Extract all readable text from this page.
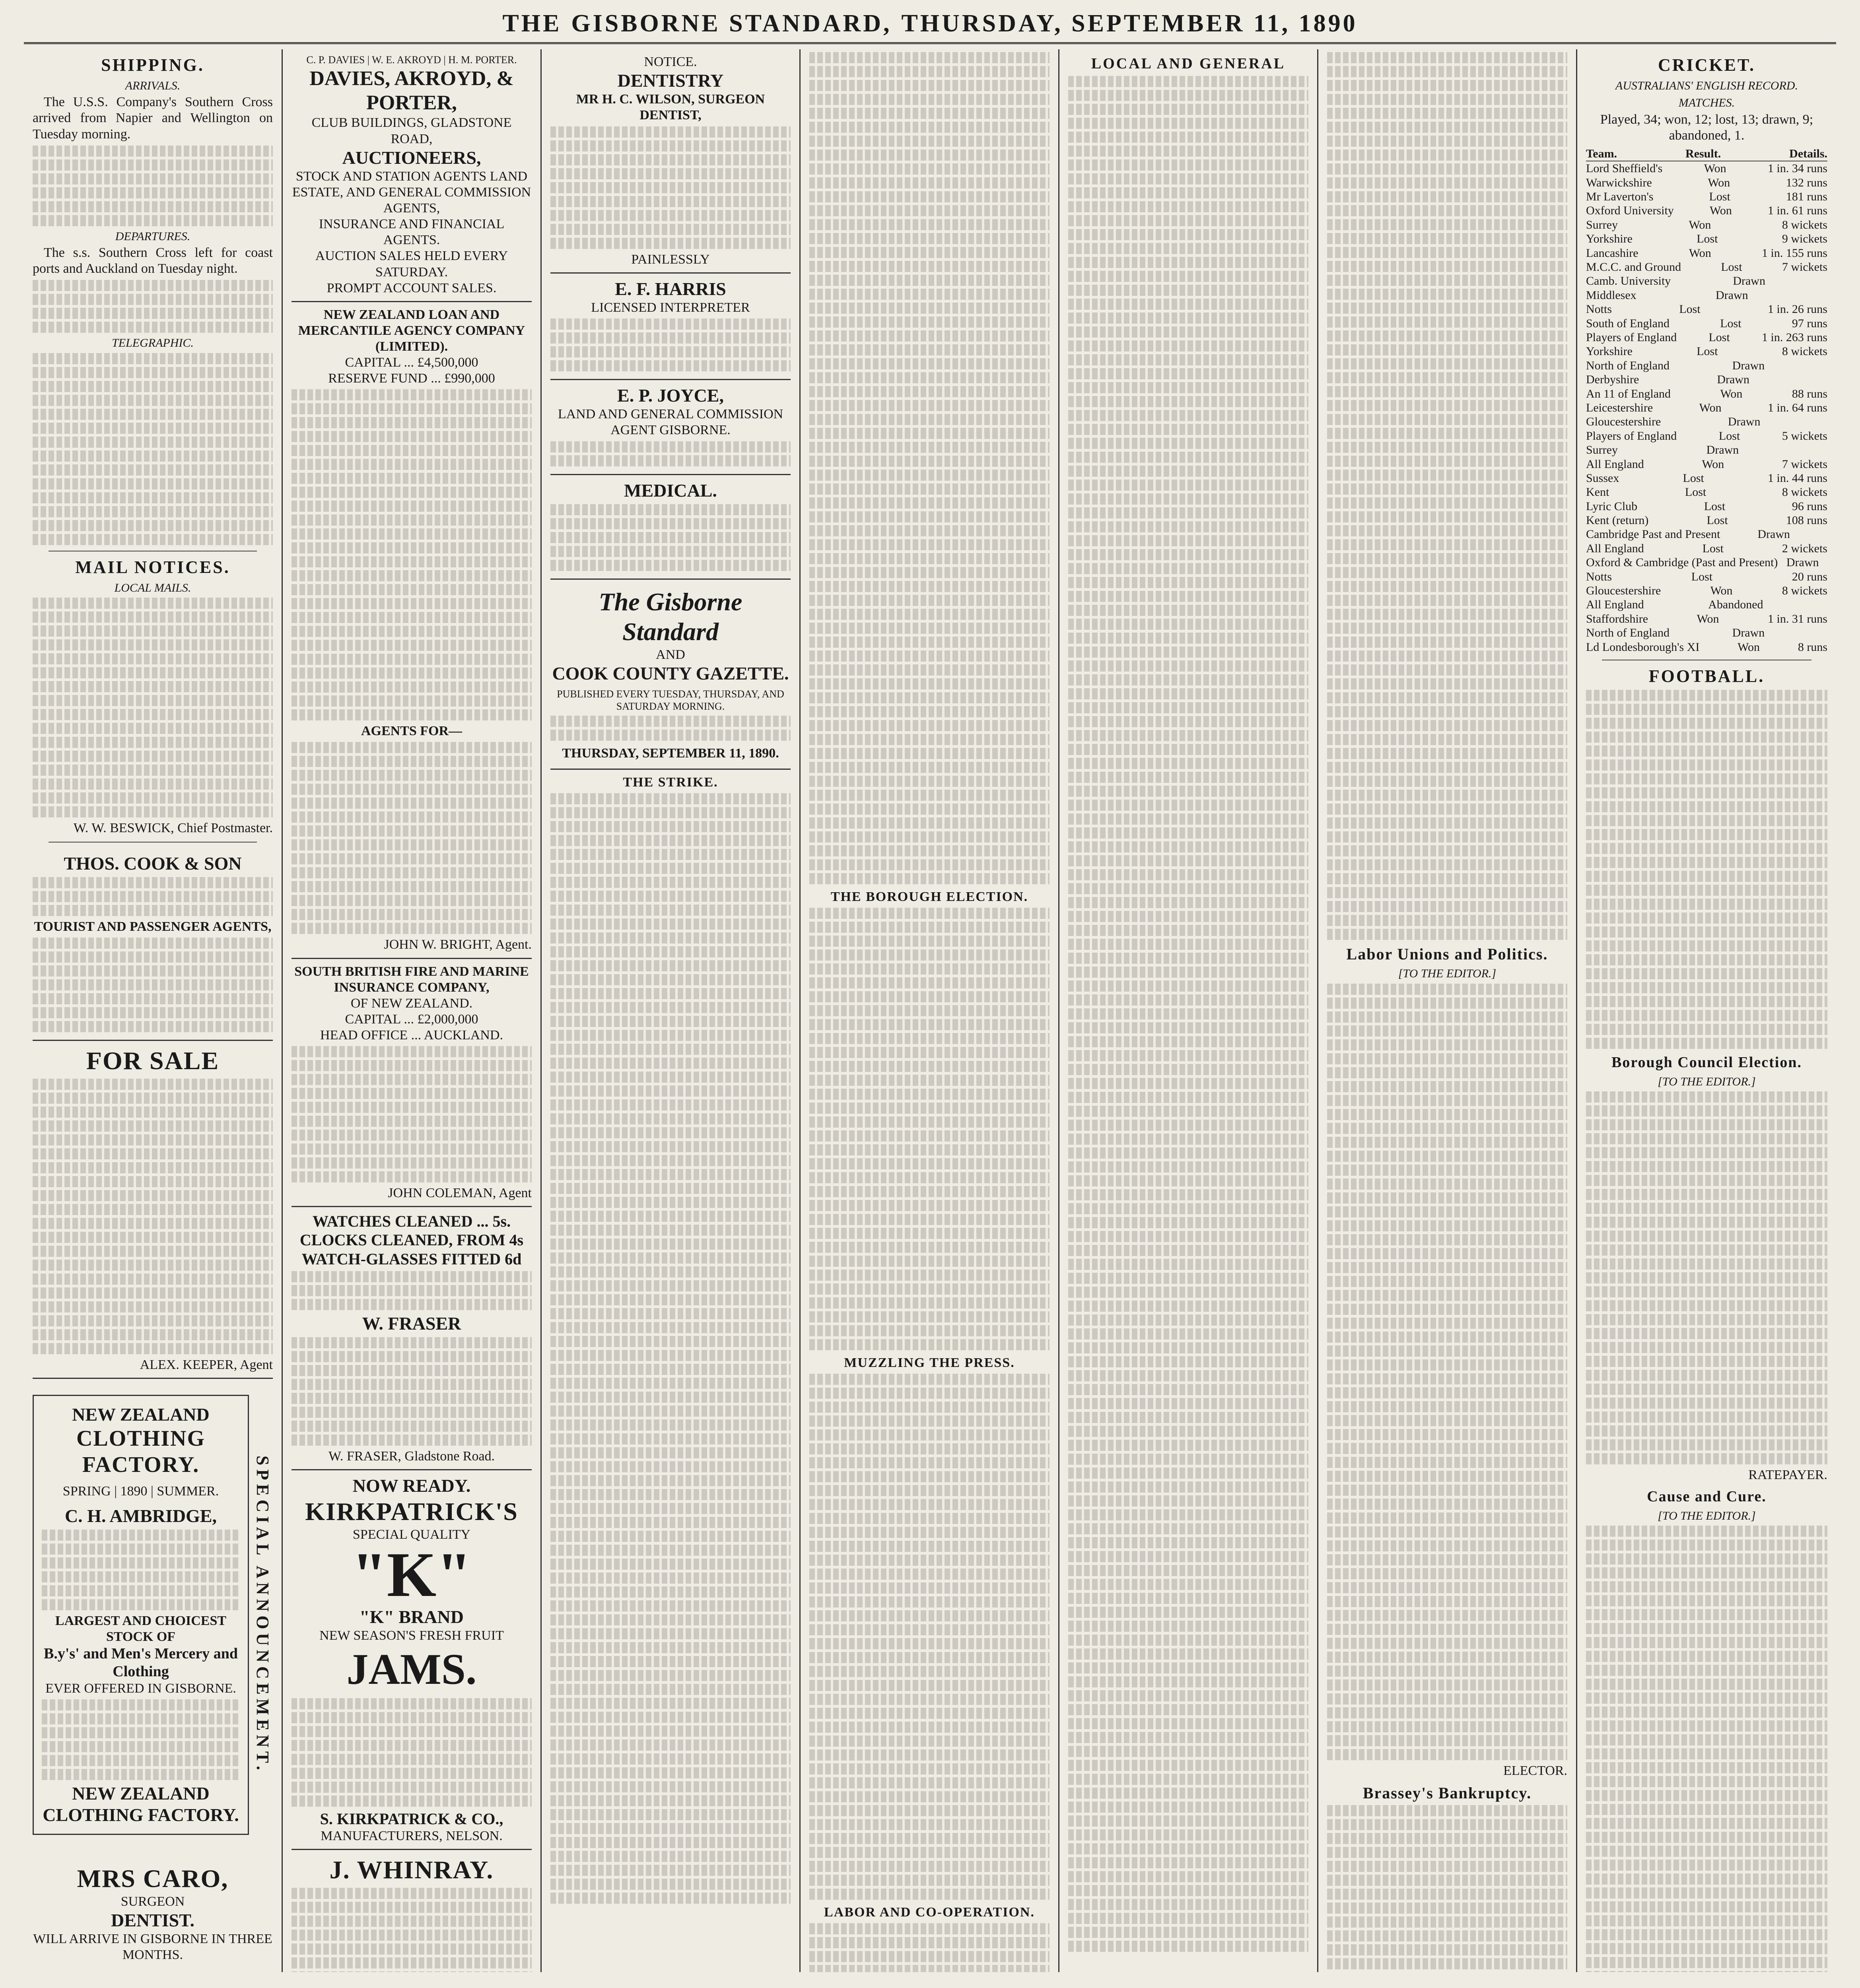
THE GISBORNE STANDARD, THURSDAY, SEPTEMBER 11, 1890
SHIPPING.
ARRIVALS.

The U.S.S. Company's Southern Cross arrived from Napier and Wellington on Tuesday morning.

DEPARTURES.

The s.s. Southern Cross left for coast ports and Auckland on Tuesday night.

TELEGRAPHIC.
MAIL NOTICES.
LOCAL MAILS.

W. W. BESWICK, Chief Postmaster.

THOS. COOK & SON
TOURIST AND PASSENGER AGENTS,
FOR SALE
ALEX. KEEPER, Agent
NEW ZEALAND
CLOTHING FACTORY.
SPRING | 1890 | SUMMER.
C. H. AMBRIDGE,
LARGEST AND CHOICEST STOCK OF
B.y's' and Men's Mercery and Clothing
EVER OFFERED IN GISBORNE.
NEW ZEALAND
CLOTHING FACTORY.
SPECIAL ANNOUNCEMENT.
MRS CARO,
SURGEON
DENTIST.
WILL ARRIVE IN GISBORNE IN THREE MONTHS.
C. P. DAVIES | W. E. AKROYD | H. M. PORTER.
DAVIES, AKROYD, & PORTER,
CLUB BUILDINGS, GLADSTONE ROAD,
AUCTIONEERS,
STOCK AND STATION AGENTS LAND ESTATE, AND GENERAL COMMISSION AGENTS,
INSURANCE AND FINANCIAL AGENTS.
AUCTION SALES HELD EVERY SATURDAY.
PROMPT ACCOUNT SALES.
NEW ZEALAND LOAN AND MERCANTILE AGENCY COMPANY (LIMITED).
CAPITAL ... £4,500,000
RESERVE FUND ... £990,000
AGENTS FOR—
JOHN W. BRIGHT, Agent.
SOUTH BRITISH FIRE AND MARINE INSURANCE COMPANY,
OF NEW ZEALAND.
CAPITAL ... £2,000,000
HEAD OFFICE ... AUCKLAND.
JOHN COLEMAN, Agent
WATCHES CLEANED ... 5s.
CLOCKS CLEANED, FROM 4s
WATCH-GLASSES FITTED 6d
W. FRASER
W. FRASER, Gladstone Road.
NOW READY.
KIRKPATRICK'S
SPECIAL QUALITY
"K"
"K" BRAND
NEW SEASON'S FRESH FRUIT
JAMS.
S. KIRKPATRICK & CO.,
MANUFACTURERS, NELSON.
J. WHINRAY.
NOTICE.
DENTISTRY
MR H. C. WILSON, SURGEON DENTIST,
PAINLESSLY
E. F. HARRIS
LICENSED INTERPRETER
E. P. JOYCE,
LAND AND GENERAL COMMISSION AGENT GISBORNE.
MEDICAL.
The Gisborne Standard
AND
COOK COUNTY GAZETTE.
PUBLISHED EVERY TUESDAY, THURSDAY, AND SATURDAY MORNING.
THURSDAY, SEPTEMBER 11, 1890.
THE STRIKE.
THE BOROUGH ELECTION.
MUZZLING THE PRESS.
LABOR AND CO-OPERATION.
LOCAL AND GENERAL
Labor Unions and Politics.
[TO THE EDITOR.]

ELECTOR.

Brassey's Bankruptcy.
CRICKET.
AUSTRALIANS' ENGLISH RECORD.
MATCHES.

Played, 34; won, 12; lost, 13; drawn, 9; abandoned, 1.

Team.	Result.	Details.
Lord Sheffield's	Won	1 in. 34 runs
Warwickshire	Won	132 runs
Mr Laverton's	Lost	181 runs
Oxford University	Won	1 in. 61 runs
Surrey	Won	8 wickets
Yorkshire	Lost	9 wickets
Lancashire	Won	1 in. 155 runs
M.C.C. and Ground	Lost	7 wickets
Camb. University	Drawn
Middlesex	Drawn
Notts	Lost	1 in. 26 runs
South of England	Lost	97 runs
Players of England	Lost	1 in. 263 runs
Yorkshire	Lost	8 wickets
North of England	Drawn
Derbyshire	Drawn
An 11 of England	Won	88 runs
Leicestershire	Won	1 in. 64 runs
Gloucestershire	Drawn
Players of England	Lost	5 wickets
Surrey	Drawn
All England	Won	7 wickets
Sussex	Lost	1 in. 44 runs
Kent	Lost	8 wickets
Lyric Club	Lost	96 runs
Kent (return)	Lost	108 runs
Cambridge Past and Present	Drawn
All England	Lost	2 wickets
Oxford & Cambridge (Past and Present) Drawn
Notts	Lost	20 runs
Gloucestershire	Won	8 wickets
All England	Abandoned
Staffordshire	Won	1 in. 31 runs
North of England	Drawn
Ld Londesborough's XI	Won	8 runs
FOOTBALL.
Borough Council Election.
[TO THE EDITOR.]

RATEPAYER.

Cause and Cure.
[TO THE EDITOR.]
